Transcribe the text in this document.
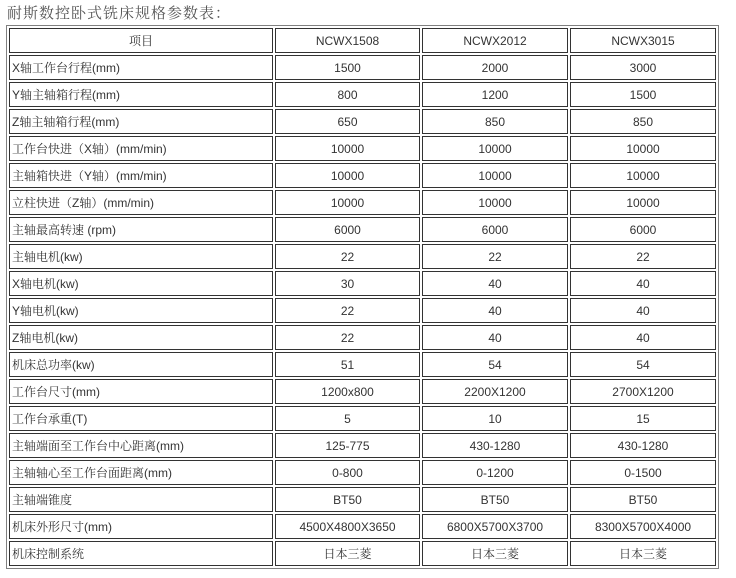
耐斯数控卧式铣床规格参数表：
项目	NCWX1508	NCWX2012	NCWX3015
X轴工作台行程(mm)	1500	2000	3000
Y轴主轴箱行程(mm)	800	1200	1500
Z轴主轴箱行程(mm)	650	850	850
工作台快进（X轴）(mm/min)	10000	10000	10000
主轴箱快进（Y轴）(mm/min)	10000	10000	10000
立柱快进（Z轴）(mm/min)	10000	10000	10000
主轴最高转速 (rpm)	6000	6000	6000
主轴电机(kw)	22	22	22
X轴电机(kw)	30	40	40
Y轴电机(kw)	22	40	40
Z轴电机(kw)	22	40	40
机床总功率(kw)	51	54	54
工作台尺寸(mm)	1200x800	2200X1200	2700X1200
工作台承重(T)	5	10	15
主轴端面至工作台中心距离(mm)	125-775	430-1280	430-1280
主轴轴心至工作台面距离(mm)	0-800	0-1200	0-1500
主轴端锥度	BT50	BT50	BT50
机床外形尺寸(mm)	4500X4800X3650	6800X5700X3700	8300X5700X4000
机床控制系统	日本三菱	日本三菱	日本三菱
